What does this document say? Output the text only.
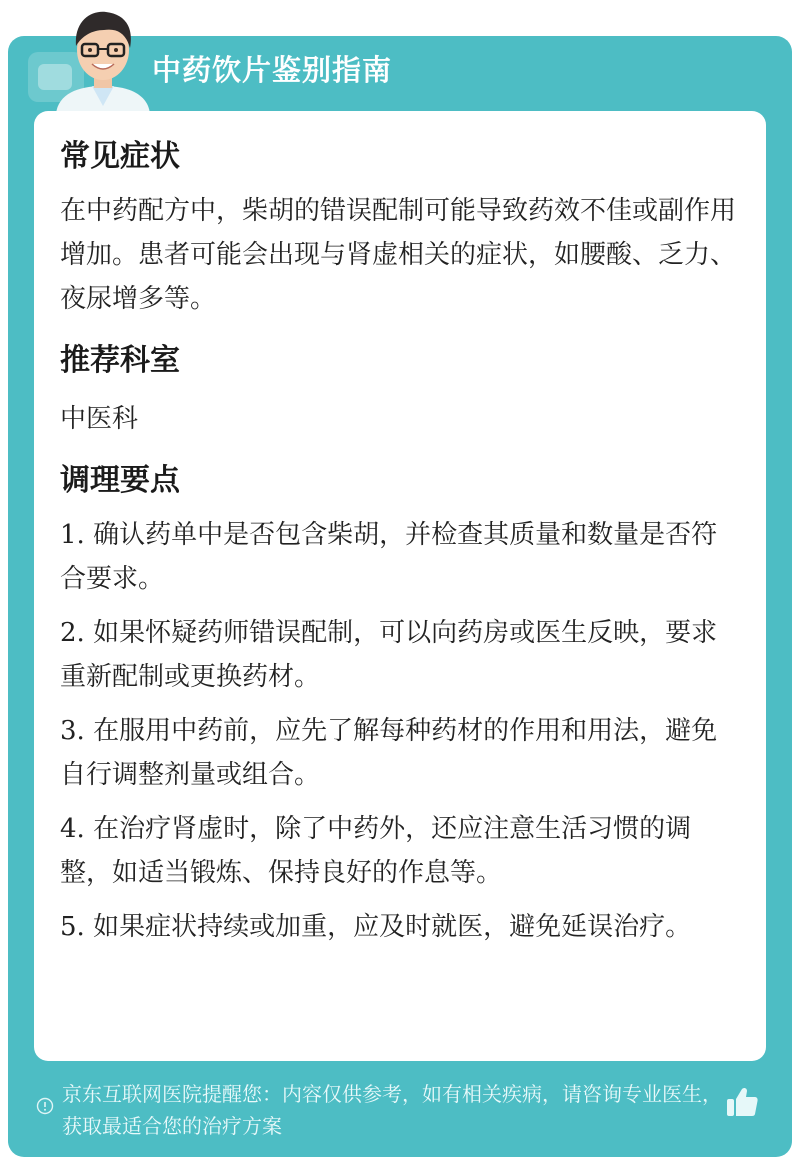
中药饮片鉴别指南
常见症状

在中药配方中，柴胡的错误配制可能导致药效不佳或副作用增加。患者可能会出现与肾虚相关的症状，如腰酸、乏力、夜尿增多等。

推荐科室

中医科

调理要点

1. 确认药单中是否包含柴胡，并检查其质量和数量是否符合要求。

2. 如果怀疑药师错误配制，可以向药房或医生反映，要求重新配制或更换药材。

3. 在服用中药前，应先了解每种药材的作用和用法，避免自行调整剂量或组合。

4. 在治疗肾虚时，除了中药外，还应注意生活习惯的调整，如适当锻炼、保持良好的作息等。

5. 如果症状持续或加重，应及时就医，避免延误治疗。

京东互联网医院提醒您：内容仅供参考，如有相关疾病，请咨询专业医生，获取最适合您的治疗方案
